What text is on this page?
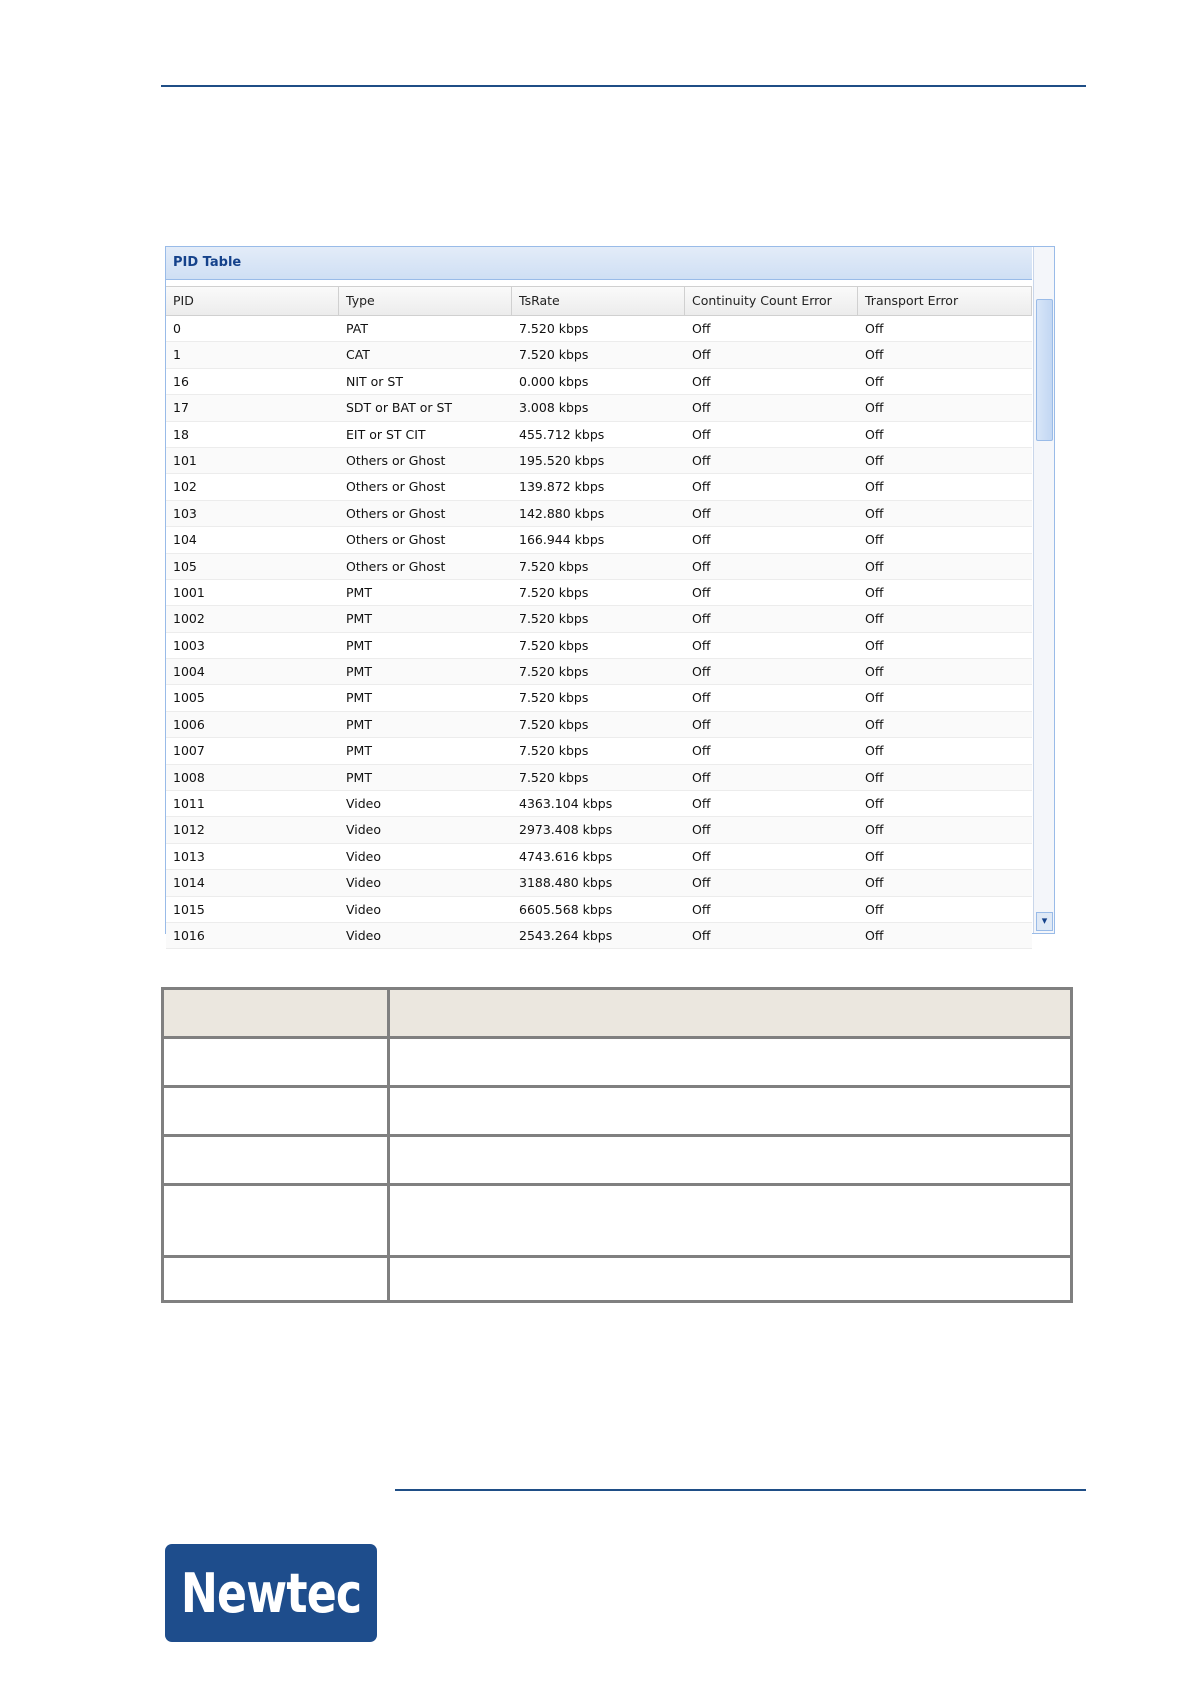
PID Table
PID	Type	TsRate	Continuity Count Error	Transport Error
0	PAT	7.520 kbps	Off	Off
1	CAT	7.520 kbps	Off	Off
16	NIT or ST	0.000 kbps	Off	Off
17	SDT or BAT or ST	3.008 kbps	Off	Off
18	EIT or ST CIT	455.712 kbps	Off	Off
101	Others or Ghost	195.520 kbps	Off	Off
102	Others or Ghost	139.872 kbps	Off	Off
103	Others or Ghost	142.880 kbps	Off	Off
104	Others or Ghost	166.944 kbps	Off	Off
105	Others or Ghost	7.520 kbps	Off	Off
1001	PMT	7.520 kbps	Off	Off
1002	PMT	7.520 kbps	Off	Off
1003	PMT	7.520 kbps	Off	Off
1004	PMT	7.520 kbps	Off	Off
1005	PMT	7.520 kbps	Off	Off
1006	PMT	7.520 kbps	Off	Off
1007	PMT	7.520 kbps	Off	Off
1008	PMT	7.520 kbps	Off	Off
1011	Video	4363.104 kbps	Off	Off
1012	Video	2973.408 kbps	Off	Off
1013	Video	4743.616 kbps	Off	Off
1014	Video	3188.480 kbps	Off	Off
1015	Video	6605.568 kbps	Off	Off
1016	Video	2543.264 kbps	Off	Off
▾
Newtec
